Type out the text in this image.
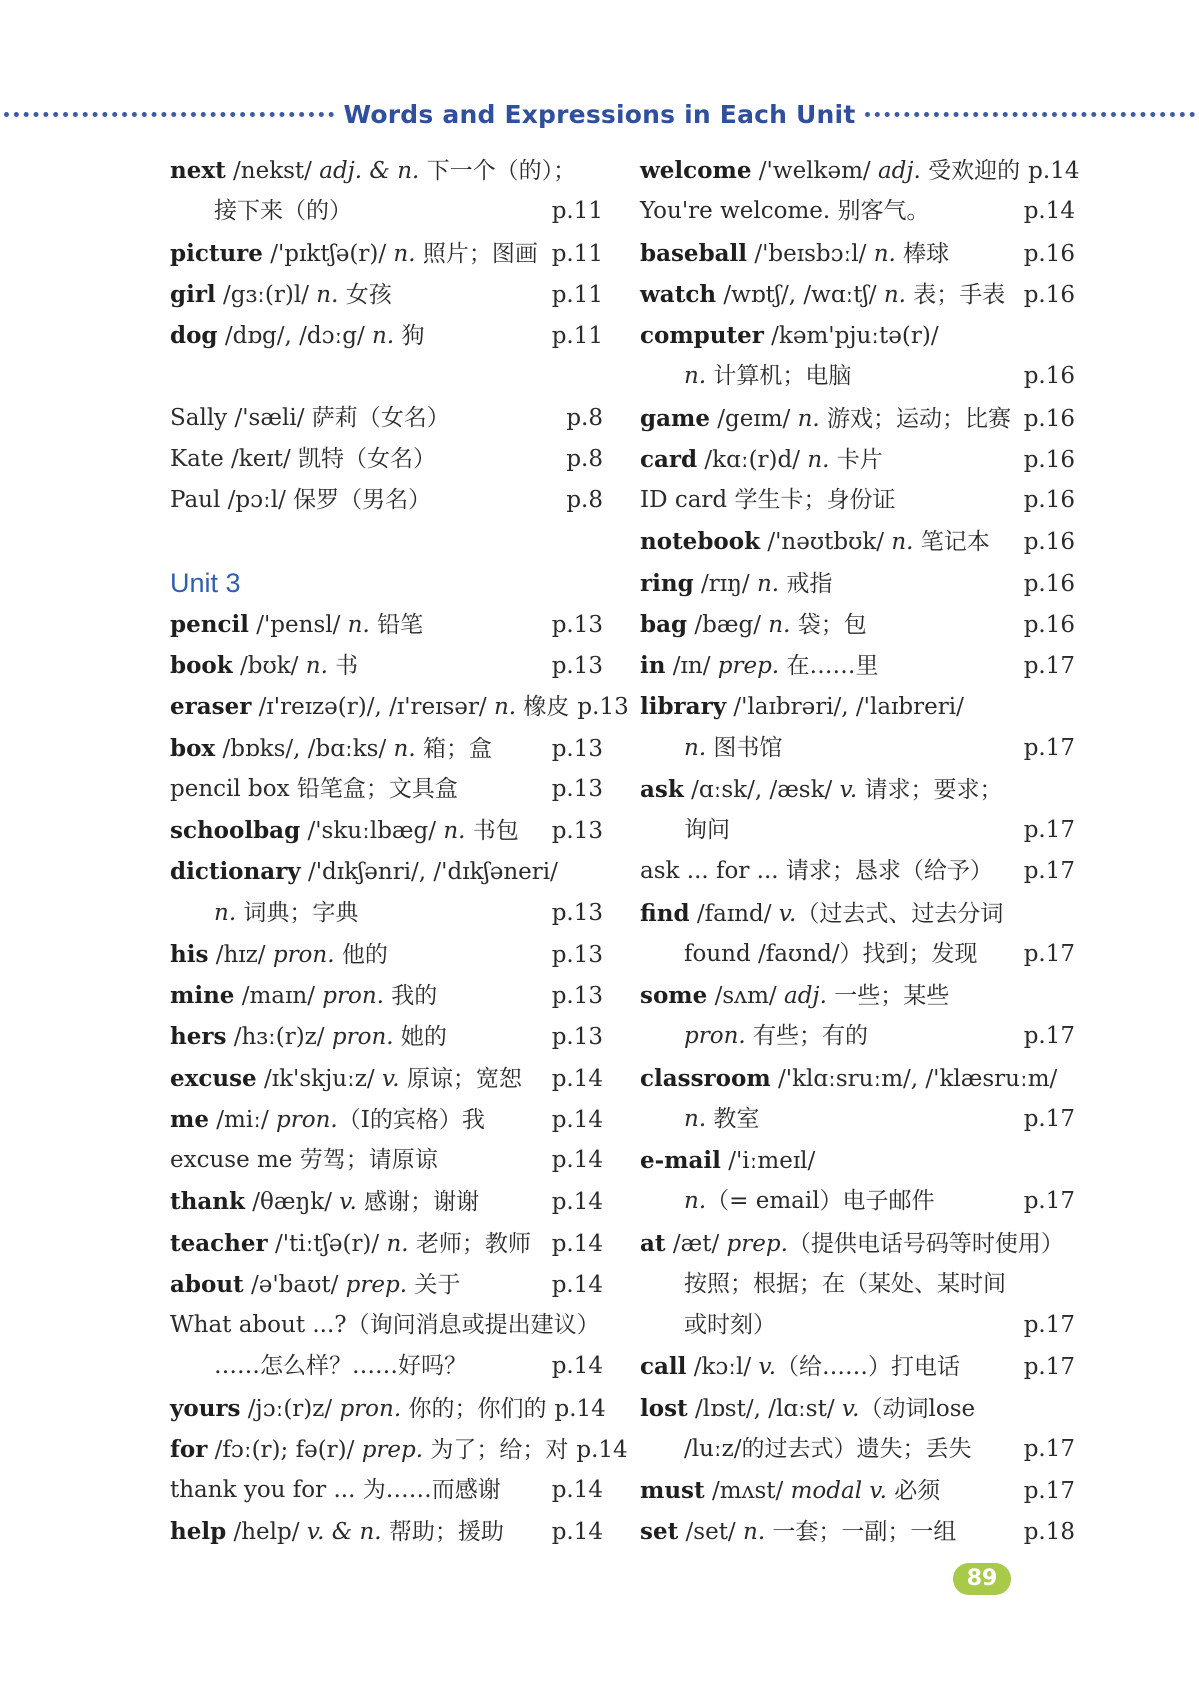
Words and Expressions in Each Unit
next /nekst/ adj. & n. 下一个（的）；
接下来（的）	p.11
picture /'pɪktʃə(r)/ n. 照片；图画 p.11
girl /gɜː(r)l/ n. 女孩	p.11
dog /dɒg/, /dɔːg/ n. 狗	p.11
Sally /'sæli/ 萨莉（女名）	p.8
Kate /keɪt/ 凯特（女名）	p.8
Paul /pɔːl/ 保罗（男名）	p.8
Unit 3
pencil /'pensl/ n. 铅笔	p.13
book /bʊk/ n. 书	p.13
eraser /ɪ'reɪzə(r)/, /ɪ'reɪsər/ n. 橡皮 p.13
box /bɒks/, /bɑːks/ n. 箱；盒	p.13
pencil box 铅笔盒；文具盒	p.13
schoolbag /'skuːlbæg/ n. 书包	p.13
dictionary /'dɪkʃənri/, /'dɪkʃəneri/
n. 词典；字典	p.13
his /hɪz/ pron. 他的	p.13
mine /maɪn/ pron. 我的	p.13
hers /hɜː(r)z/ pron. 她的	p.13
excuse /ɪk'skjuːz/ v. 原谅；宽恕	p.14
me /miː/ pron.（I的宾格）我	p.14
excuse me 劳驾；请原谅	p.14
thank /θæŋk/ v. 感谢；谢谢	p.14
teacher /'tiːtʃə(r)/ n. 老师；教师 p.14
about /ə'baʊt/ prep. 关于	p.14
What about ...?（询问消息或提出建议）
……怎么样？……好吗？	p.14
yours /jɔː(r)z/ pron. 你的；你们的 p.14
for /fɔː(r); fə(r)/ prep. 为了；给；对 p.14
thank you for ... 为……而感谢	p.14
help /help/ v. & n. 帮助；援助	p.14
welcome /'welkəm/ adj. 受欢迎的 p.14
You're welcome. 别客气。	p.14
baseball /'beɪsbɔːl/ n. 棒球	p.16
watch /wɒtʃ/, /wɑːtʃ/ n. 表；手表 p.16
computer /kəm'pjuːtə(r)/
n. 计算机；电脑	p.16
game /geɪm/ n. 游戏；运动；比赛 p.16
card /kɑː(r)d/ n. 卡片	p.16
ID card 学生卡；身份证	p.16
notebook /'nəʊtbʊk/ n. 笔记本	p.16
ring /rɪŋ/ n. 戒指	p.16
bag /bæg/ n. 袋；包	p.16
in /ɪn/ prep. 在……里	p.17
library /'laɪbrəri/, /'laɪbreri/
n. 图书馆	p.17
ask /ɑːsk/, /æsk/ v. 请求；要求；
询问	p.17
ask ... for ... 请求；恳求（给予）	p.17
find /faɪnd/ v.（过去式、过去分词
found /faʊnd/）找到；发现	p.17
some /sʌm/ adj. 一些；某些
pron. 有些；有的	p.17
classroom /'klɑːsruːm/, /'klæsruːm/
n. 教室	p.17
e-mail /'iːmeɪl/
n.（= email）电子邮件	p.17
at /æt/ prep.（提供电话号码等时使用）
按照；根据；在（某处、某时间
或时刻）	p.17
call /kɔːl/ v.（给……）打电话	p.17
lost /lɒst/, /lɑːst/ v.（动词lose
/luːz/的过去式）遗失；丢失	p.17
must /mʌst/ modal v. 必须	p.17
set /set/ n. 一套；一副；一组	p.18
89
